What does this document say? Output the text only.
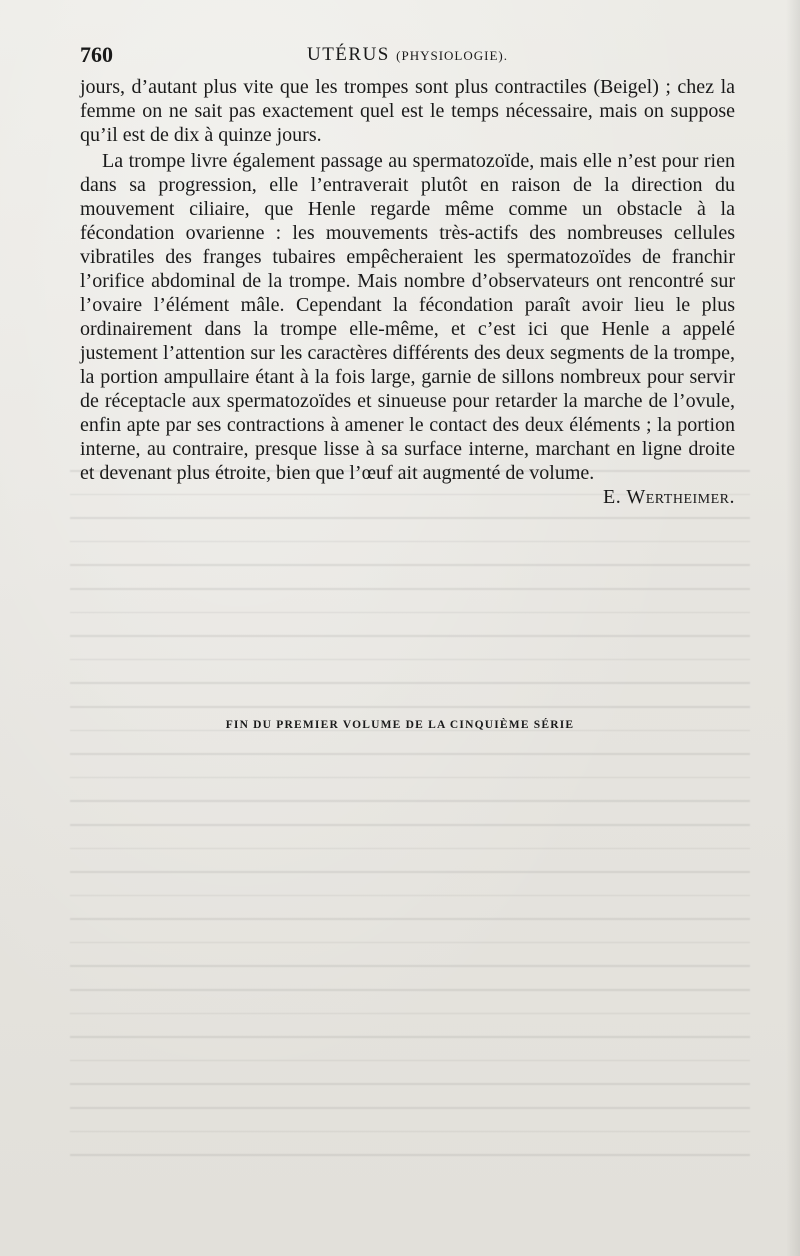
760	UTÉRUS (PHYSIOLOGIE).

jours, d’autant plus vite que les trompes sont plus contractiles (Beigel) ; chez la femme on ne sait pas exactement quel est le temps nécessaire, mais on suppose qu’il est de dix à quinze jours.

La trompe livre également passage au spermatozoïde, mais elle n’est pour rien dans sa progression, elle l’entraverait plutôt en raison de la direction du mouvement ciliaire, que Henle regarde même comme un obstacle à la fécondation ovarienne : les mouvements très-actifs des nombreuses cellules vibratiles des franges tubaires empêcheraient les spermatozoïdes de franchir l’orifice abdominal de la trompe. Mais nombre d’observateurs ont rencontré sur l’ovaire l’élément mâle. Cependant la fécondation paraît avoir lieu le plus ordinairement dans la trompe elle-même, et c’est ici que Henle a appelé justement l’attention sur les caractères différents des deux segments de la trompe, la portion ampullaire étant à la fois large, garnie de sillons nombreux pour servir de réceptacle aux spermatozoïdes et sinueuse pour retarder la marche de l’ovule, enfin apte par ses contractions à amener le contact des deux éléments ; la portion interne, au contraire, presque lisse à sa surface interne, marchant en ligne droite et devenant plus étroite, bien que l’œuf ait augmenté de volume.
E. Wertheimer.

FIN DU PREMIER VOLUME DE LA CINQUIÈME SÉRIE
